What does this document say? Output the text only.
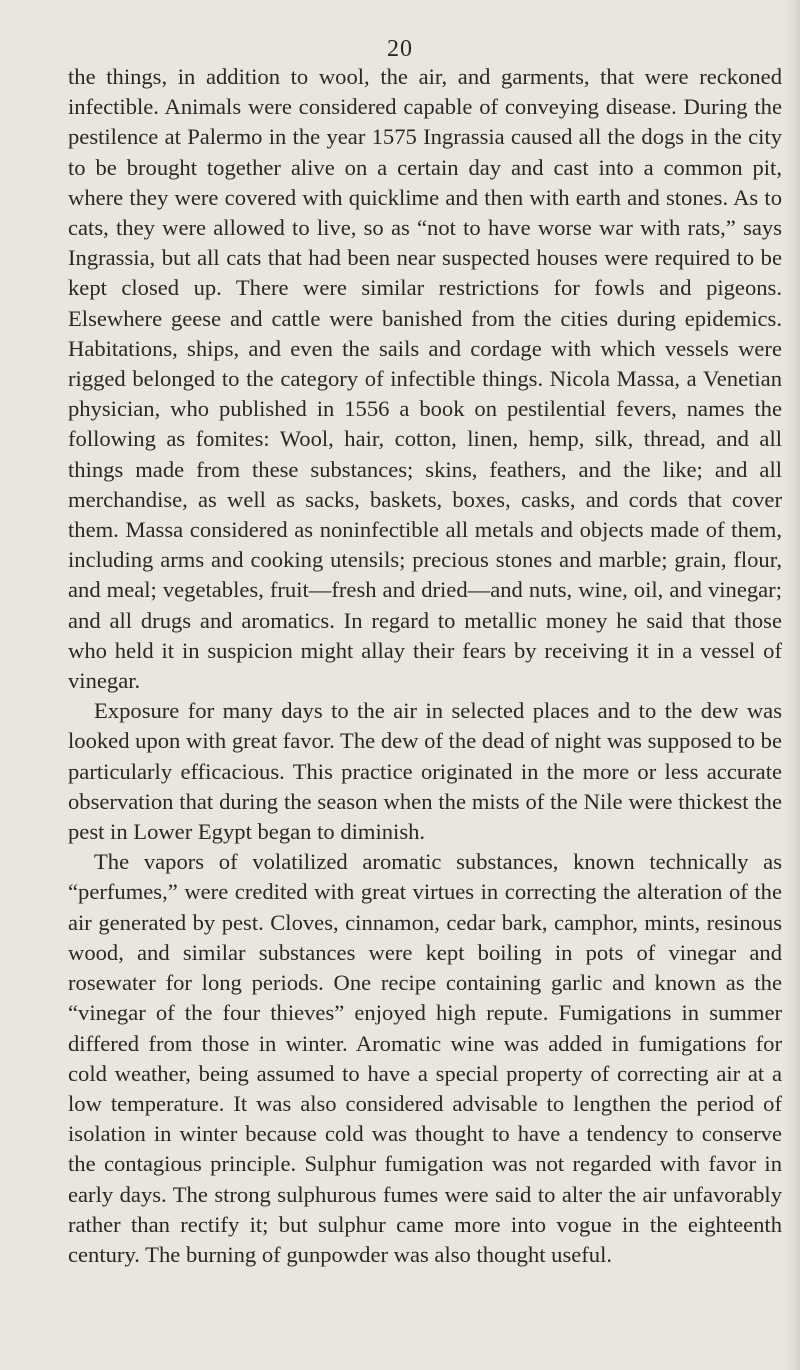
20

the things, in addition to wool, the air, and garments, that were reckoned infectible. Animals were considered capable of conveying disease. During the pestilence at Palermo in the year 1575 Ingrassia caused all the dogs in the city to be brought together alive on a certain day and cast into a common pit, where they were covered with quicklime and then with earth and stones. As to cats, they were allowed to live, so as “not to have worse war with rats,” says Ingrassia, but all cats that had been near suspected houses were required to be kept closed up. There were similar restrictions for fowls and pigeons. Elsewhere geese and cattle were banished from the cities during epidemics. Habitations, ships, and even the sails and cordage with which vessels were rigged belonged to the category of infectible things. Nicola Massa, a Venetian physician, who published in 1556 a book on pestilential fevers, names the following as fomites: Wool, hair, cotton, linen, hemp, silk, thread, and all things made from these substances; skins, feathers, and the like; and all merchandise, as well as sacks, baskets, boxes, casks, and cords that cover them. Massa considered as noninfectible all metals and objects made of them, including arms and cooking utensils; precious stones and marble; grain, flour, and meal; vegetables, fruit—fresh and dried—and nuts, wine, oil, and vinegar; and all drugs and aromatics. In regard to metallic money he said that those who held it in suspicion might allay their fears by receiving it in a vessel of vinegar.

Exposure for many days to the air in selected places and to the dew was looked upon with great favor. The dew of the dead of night was supposed to be particularly efficacious. This practice originated in the more or less accurate observation that during the season when the mists of the Nile were thickest the pest in Lower Egypt began to diminish.

The vapors of volatilized aromatic substances, known technically as “perfumes,” were credited with great virtues in correcting the alteration of the air generated by pest. Cloves, cinnamon, cedar bark, camphor, mints, resinous wood, and similar substances were kept boiling in pots of vinegar and rosewater for long periods. One recipe containing garlic and known as the “vinegar of the four thieves” enjoyed high repute. Fumigations in summer differed from those in winter. Aromatic wine was added in fumigations for cold weather, being assumed to have a special property of correcting air at a low temperature. It was also considered advisable to lengthen the period of isolation in winter because cold was thought to have a tendency to conserve the contagious principle. Sulphur fumigation was not regarded with favor in early days. The strong sulphurous fumes were said to alter the air unfavorably rather than rectify it; but sulphur came more into vogue in the eighteenth century. The burning of gunpowder was also thought useful.
